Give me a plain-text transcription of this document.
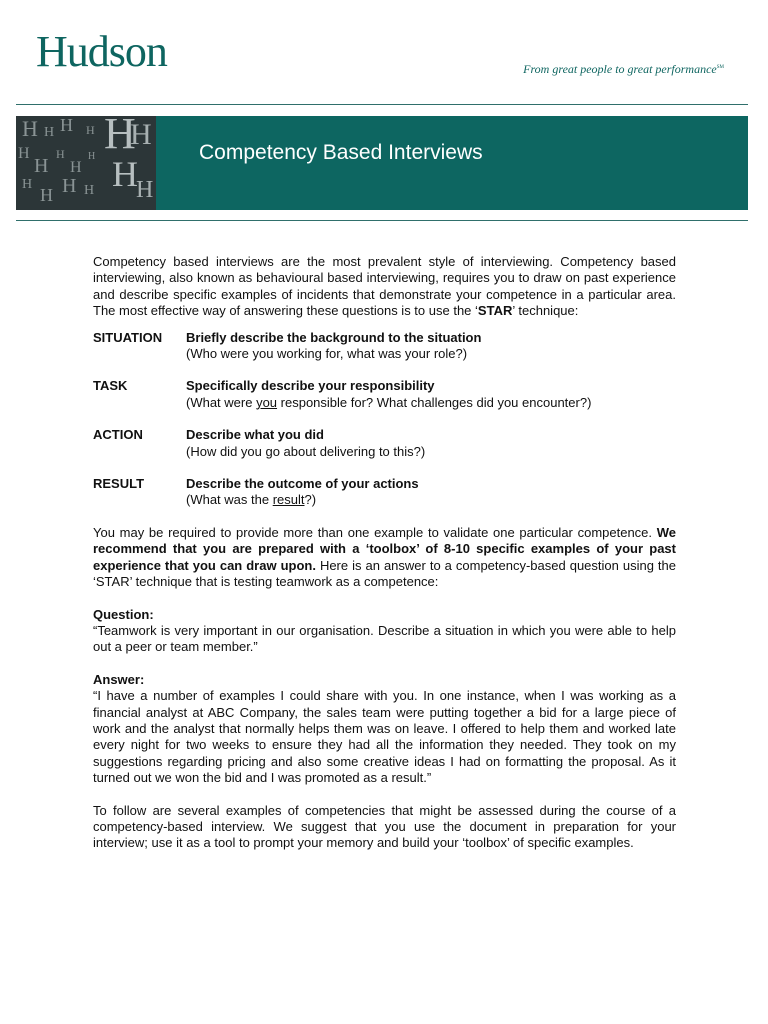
Hudson	From great people to great performance℠
H H H H H
H
H
H
H
H
H H
H
H H H H
Competency Based Interviews

Competency based interviews are the most prevalent style of interviewing. Competency based interviewing, also known as behavioural based interviewing, requires you to draw on past experience and describe specific examples of incidents that demonstrate your competence in a particular area. The most effective way of answering these questions is to use the ‘STAR’ technique:

SITUATION	Briefly describe the background to the situation
(Who were you working for, what was your role?)
TASK	Specifically describe your responsibility
(What were you responsible for? What challenges did you encounter?)
ACTION	Describe what you did
(How did you go about delivering to this?)
RESULT	Describe the outcome of your actions
(What was the result?)

You may be required to provide more than one example to validate one particular competence. We recommend that you are prepared with a ‘toolbox’ of 8-10 specific examples of your past experience that you can draw upon. Here is an answer to a competency-based question using the ‘STAR’ technique that is testing teamwork as a competence:

Question:

“Teamwork is very important in our organisation. Describe a situation in which you were able to help out a peer or team member.”

Answer:

“I have a number of examples I could share with you. In one instance, when I was working as a financial analyst at ABC Company, the sales team were putting together a bid for a large piece of work and the analyst that normally helps them was on leave. I offered to help them and worked late every night for two weeks to ensure they had all the information they needed. They took on my suggestions regarding pricing and also some creative ideas I had on formatting the proposal. As it turned out we won the bid and I was promoted as a result.”

To follow are several examples of competencies that might be assessed during the course of a competency-based interview. We suggest that you use the document in preparation for your interview; use it as a tool to prompt your memory and build your ‘toolbox’ of specific examples.
